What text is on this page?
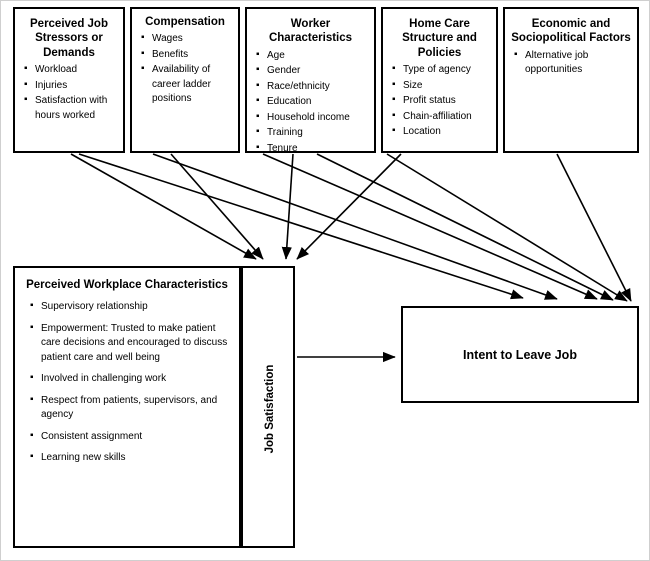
Perceived Job Stressors or Demands
▪ Workload
▪ Injuries
▪ Satisfaction with hours worked
Compensation
▪ Wages
▪ Benefits
▪ Availability of career ladder positions
Worker Characteristics
▪ Age
▪ Gender
▪ Race/ethnicity
▪ Education
▪ Household income
▪ Training
▪ Tenure
Home Care Structure and Policies
▪ Type of agency
▪ Size
▪ Profit status
▪ Chain-affiliation
▪ Location
Economic and Sociopolitical Factors
▪ Alternative job opportunities
Perceived Workplace Characteristics
▪ Supervisory relationship
▪ Empowerment: Trusted to make patient care decisions and encouraged to discuss patient care and well being
▪ Involved in challenging work
▪ Respect from patients, supervisors, and agency
▪ Consistent assignment
▪ Learning new skills
Job Satisfaction
Intent to Leave Job
